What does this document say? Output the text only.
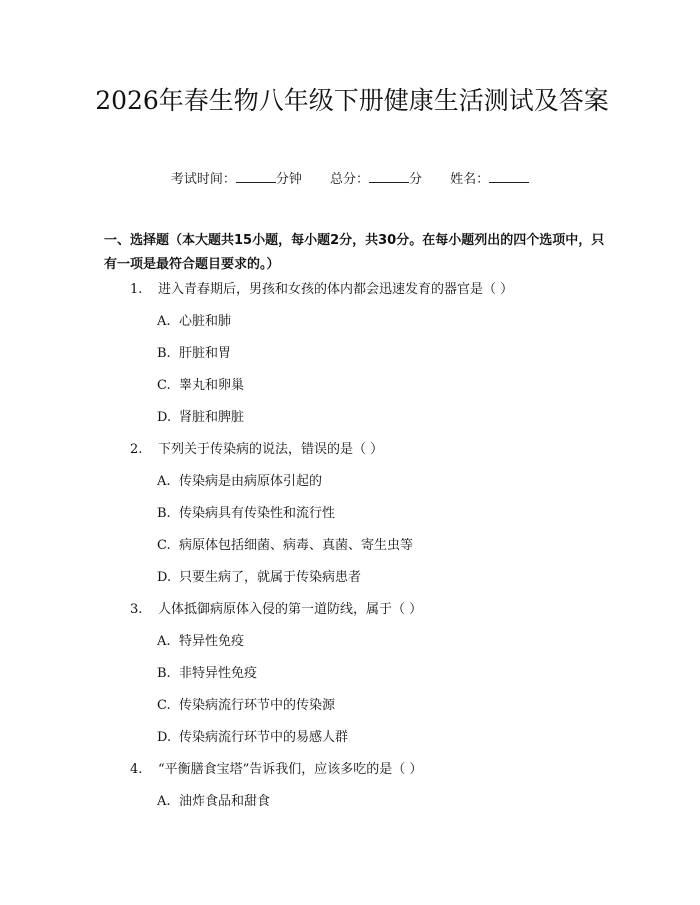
2026年春生物八年级下册健康生活测试及答案
考试时间：	分钟 总分：	分 姓名：
一、选择题（本大题共15小题，每小题2分，共30分。在每小题列出的四个选项中，只有一项是最符合题目要求的。）
1. 进入青春期后，男孩和女孩的体内都会迅速发育的器官是（ ）
A. 心脏和肺
B. 肝脏和胃
C. 睾丸和卵巢
D. 肾脏和脾脏
2. 下列关于传染病的说法，错误的是（ ）
A. 传染病是由病原体引起的
B. 传染病具有传染性和流行性
C. 病原体包括细菌、病毒、真菌、寄生虫等
D. 只要生病了，就属于传染病患者
3. 人体抵御病原体入侵的第一道防线，属于（ ）
A. 特异性免疫
B. 非特异性免疫
C. 传染病流行环节中的传染源
D. 传染病流行环节中的易感人群
4. “平衡膳食宝塔”告诉我们，应该多吃的是（ ）
A. 油炸食品和甜食
